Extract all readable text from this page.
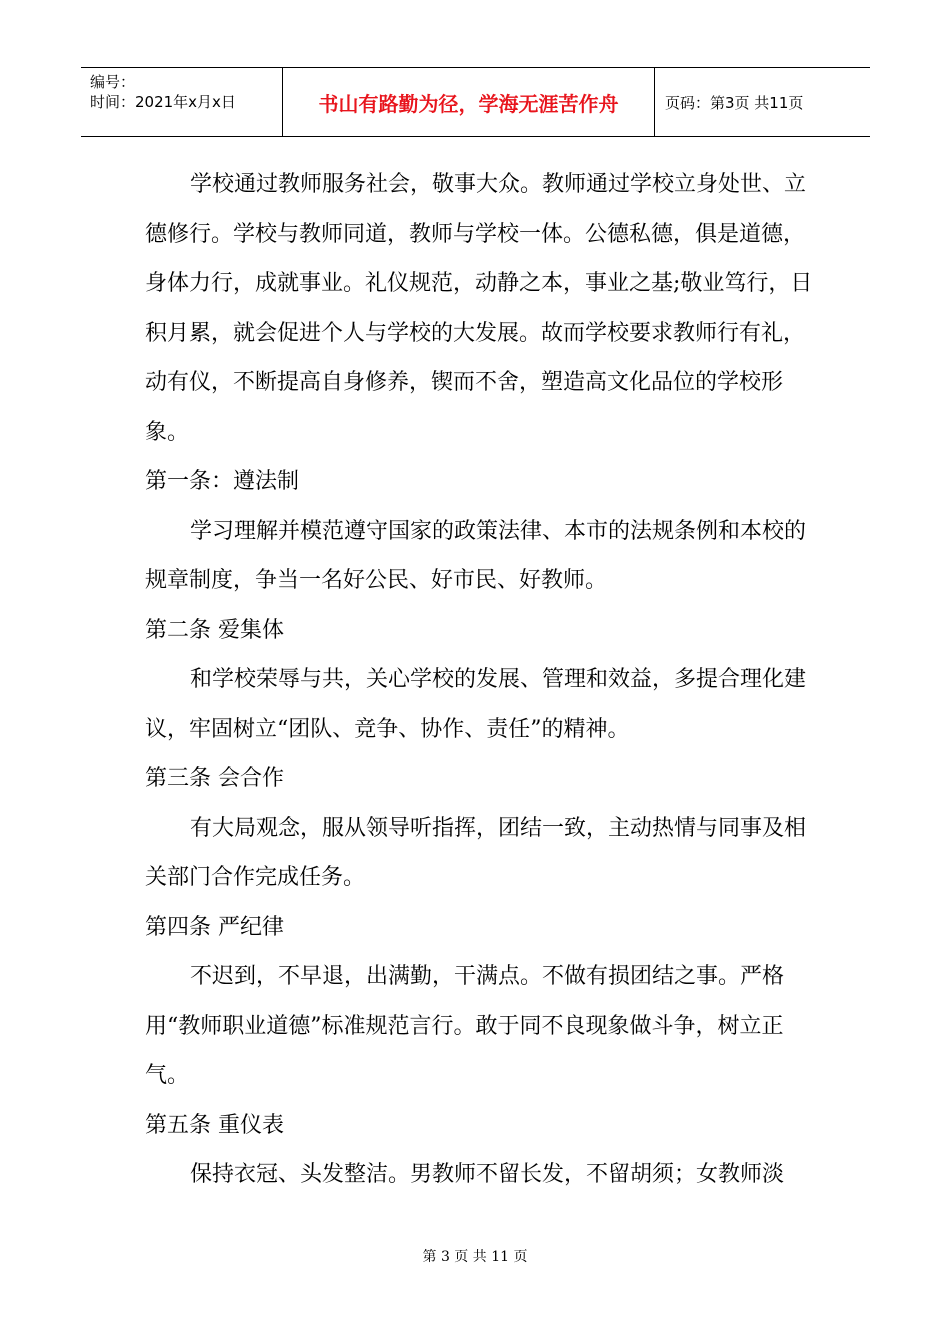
编号：
时间：2021年x月x日	书山有路勤为径，学海无涯苦作舟	页码：第3页 共11页

学校通过教师服务社会，敬事大众。教师通过学校立身处世、立德修行。学校与教师同道，教师与学校一体。公德私德，俱是道德，身体力行，成就事业。礼仪规范，动静之本，事业之基;敬业笃行，日积月累，就会促进个人与学校的大发展。故而学校要求教师行有礼，动有仪，不断提高自身修养，锲而不舍，塑造高文化品位的学校形象。

第一条：遵法制

学习理解并模范遵守国家的政策法律、本市的法规条例和本校的规章制度，争当一名好公民、好市民、好教师。

第二条 爱集体

和学校荣辱与共，关心学校的发展、管理和效益，多提合理化建议，牢固树立“团队、竞争、协作、责任”的精神。

第三条 会合作

有大局观念，服从领导听指挥，团结一致，主动热情与同事及相关部门合作完成任务。

第四条 严纪律

不迟到，不早退，出满勤，干满点。不做有损团结之事。严格用“教师职业道德”标准规范言行。敢于同不良现象做斗争，树立正气。

第五条 重仪表

保持衣冠、头发整洁。男教师不留长发，不留胡须；女教师淡

第 3 页 共 11 页
